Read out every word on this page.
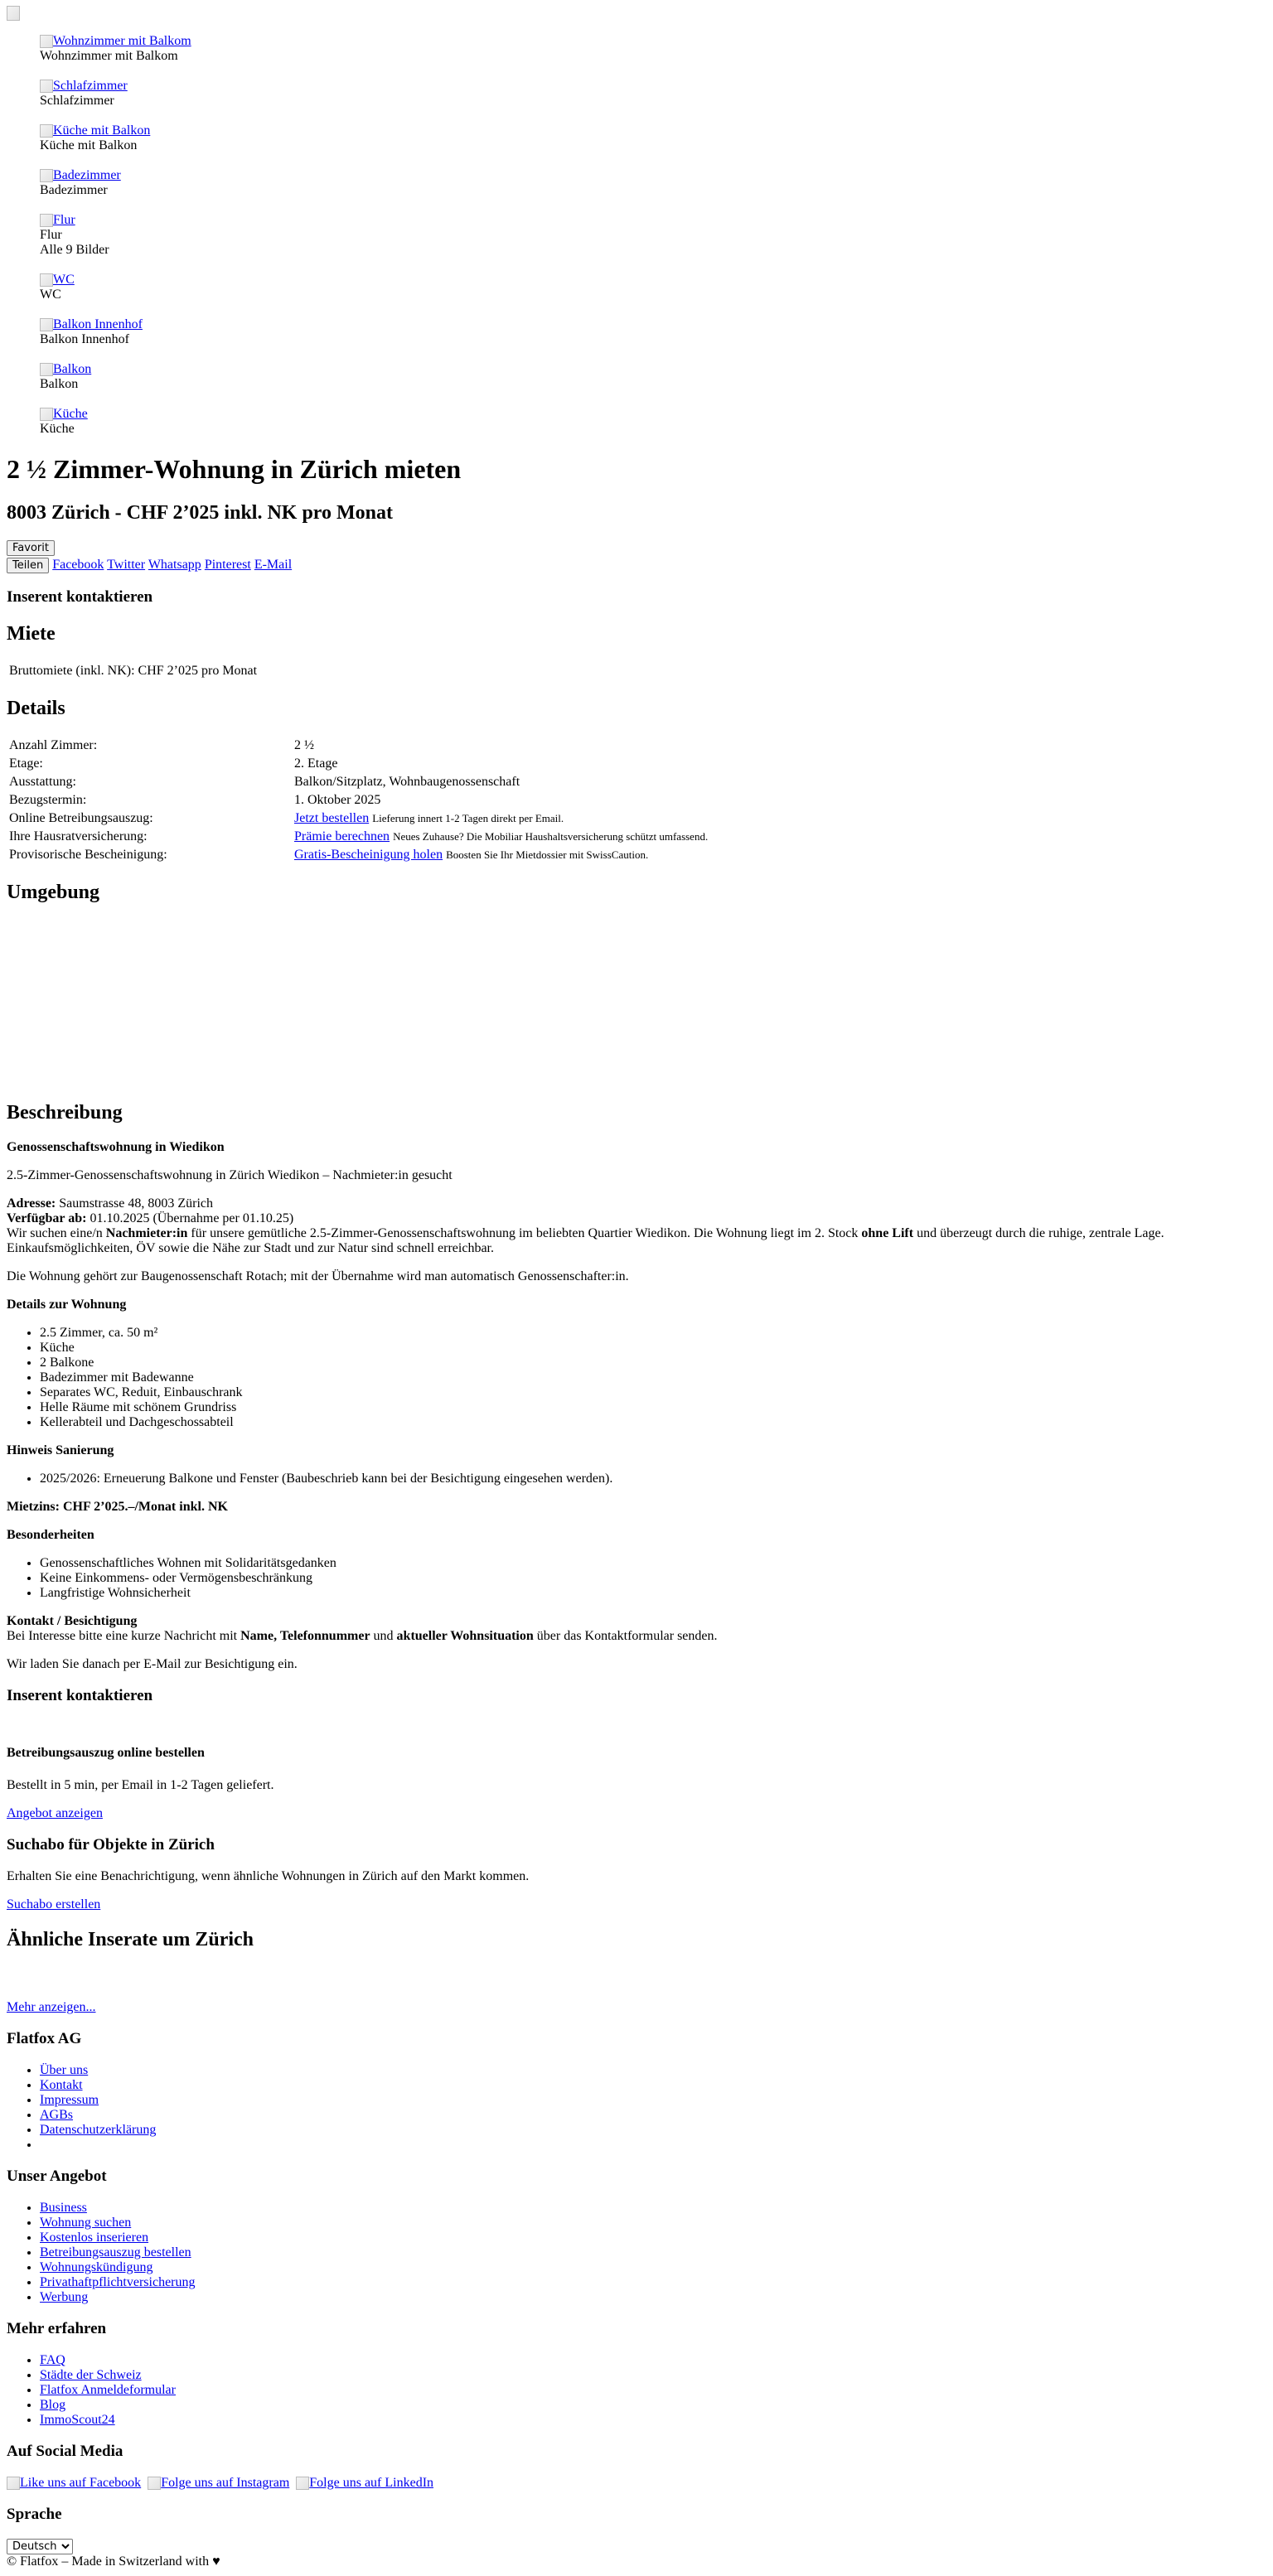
Wohnzimmer mit Balkom
Wohnzimmer mit Balkom
Schlafzimmer
Schlafzimmer
Küche mit Balkon
Küche mit Balkon
Badezimmer
Badezimmer
Flur
Flur
Alle 9 Bilder
WC
WC
Balkon Innenhof
Balkon Innenhof
Balkon
Balkon
Küche
Küche
2 ½ Zimmer-Wohnung in Zürich mieten
8003 Zürich - CHF 2’025 inkl. NK pro Monat
Favorit
Teilen Facebook Twitter Whatsapp Pinterest E-Mail
Inserent kontaktieren
Miete
Bruttomiete (inkl. NK): CHF 2’025 pro Monat
Details
Anzahl Zimmer:	2 ½
Etage:	2. Etage
Ausstattung:	Balkon/Sitzplatz, Wohnbaugenossenschaft
Bezugstermin:	1. Oktober 2025
Online Betreibungsauszug:	Jetzt bestellen Lieferung innert 1-2 Tagen direkt per Email.
Ihre Hausratversicherung:	Prämie berechnen Neues Zuhause? Die Mobiliar Haushaltsversicherung schützt umfassend.
Provisorische Bescheinigung:	Gratis-Bescheinigung holen Boosten Sie Ihr Mietdossier mit SwissCaution.
Umgebung
Beschreibung

Genossenschaftswohnung in Wiedikon

2.5-Zimmer-Genossenschaftswohnung in Zürich Wiedikon – Nachmieter:in gesucht

Adresse: Saumstrasse 48, 8003 Zürich
Verfügbar ab: 01.10.2025 (Übernahme per 01.10.25)
Wir suchen eine/n Nachmieter:in für unsere gemütliche 2.5-Zimmer-Genossenschaftswohnung im beliebten Quartier Wiedikon. Die Wohnung liegt im 2. Stock ohne Lift und überzeugt durch die ruhige, zentrale Lage. Einkaufsmöglichkeiten, ÖV sowie die Nähe zur Stadt und zur Natur sind schnell erreichbar.

Die Wohnung gehört zur Baugenossenschaft Rotach; mit der Übernahme wird man automatisch Genossenschafter:in.

Details zur Wohnung

• 2.5 Zimmer, ca. 50 m²
• Küche
• 2 Balkone
• Badezimmer mit Badewanne
• Separates WC, Reduit, Einbauschrank
• Helle Räume mit schönem Grundriss
• Kellerabteil und Dachgeschossabteil

Hinweis Sanierung

• 2025/2026: Erneuerung Balkone und Fenster (Baubeschrieb kann bei der Besichtigung eingesehen werden).

Mietzins: CHF 2’025.–/Monat inkl. NK

Besonderheiten

• Genossenschaftliches Wohnen mit Solidaritätsgedanken
• Keine Einkommens- oder Vermögensbeschränkung
• Langfristige Wohnsicherheit

Kontakt / Besichtigung
Bei Interesse bitte eine kurze Nachricht mit Name, Telefonnummer und aktueller Wohnsituation über das Kontaktformular senden.

Wir laden Sie danach per E-Mail zur Besichtigung ein.

Inserent kontaktieren
Betreibungsauszug online bestellen

Bestellt in 5 min, per Email in 1-2 Tagen geliefert.

Angebot anzeigen
Suchabo für Objekte in Zürich

Erhalten Sie eine Benachrichtigung, wenn ähnliche Wohnungen in Zürich auf den Markt kommen.

Suchabo erstellen
Ähnliche Inserate um Zürich
Mehr anzeigen...
Flatfox AG
• Über uns
• Kontakt
• Impressum
• AGBs
• Datenschutzerklärung
•
Unser Angebot
• Business
• Wohnung suchen
• Kostenlos inserieren
• Betreibungsauszug bestellen
• Wohnungskündigung
• Privathaftpflichtversicherung
• Werbung
Mehr erfahren
• FAQ
• Städte der Schweiz
• Flatfox Anmeldeformular
• Blog
• ImmoScout24
Auf Social Media

Like uns auf Facebook Folge uns auf Instagram Folge uns auf LinkedIn

Sprache
Deutsch
© Flatfox – Made in Switzerland with ♥
